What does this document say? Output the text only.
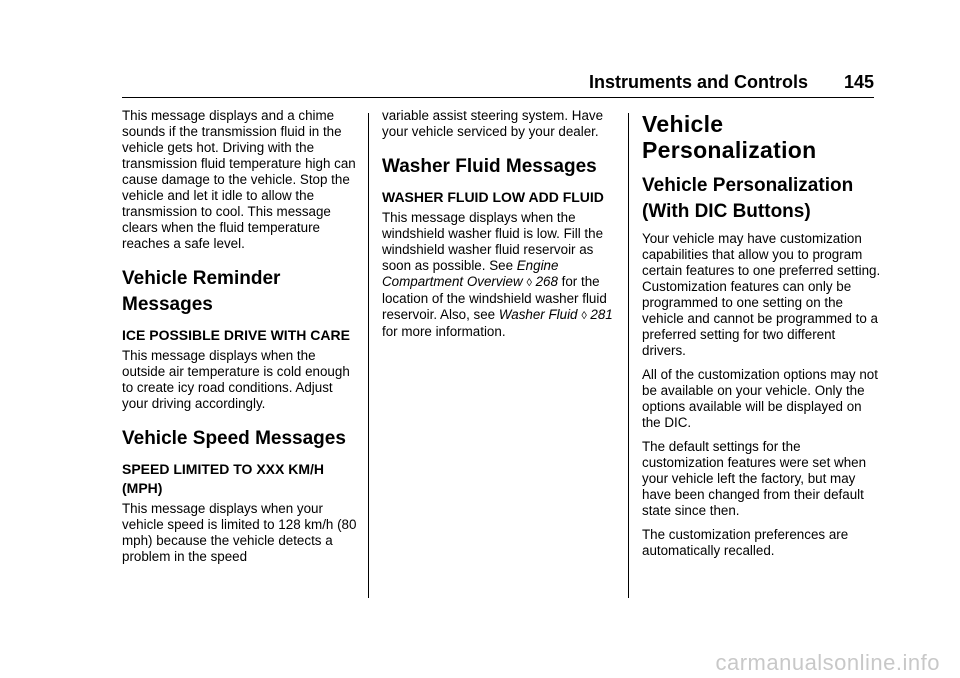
Instruments and Controls 145

This message displays and a chime sounds if the transmission fluid in the vehicle gets hot. Driving with the transmission fluid temperature high can cause damage to the vehicle. Stop the vehicle and let it idle to allow the transmission to cool. This message clears when the fluid temperature reaches a safe level.

Vehicle Reminder Messages
ICE POSSIBLE DRIVE WITH CARE

This message displays when the outside air temperature is cold enough to create icy road conditions. Adjust your driving accordingly.

Vehicle Speed Messages
SPEED LIMITED TO XXX KM/H (MPH)

This message displays when your vehicle speed is limited to 128 km/h (80 mph) because the vehicle detects a problem in the speed

variable assist steering system. Have your vehicle serviced by your dealer.

Washer Fluid Messages
WASHER FLUID LOW ADD FLUID

This message displays when the windshield washer fluid is low. Fill the windshield washer fluid reservoir as soon as possible. See Engine Compartment Overview ◊ 268 for the location of the windshield washer fluid reservoir. Also, see Washer Fluid ◊ 281 for more information.

Vehicle Personalization
Vehicle Personalization (With DIC Buttons)

Your vehicle may have customization capabilities that allow you to program certain features to one preferred setting. Customization features can only be programmed to one setting on the vehicle and cannot be programmed to a preferred setting for two different drivers.

All of the customization options may not be available on your vehicle. Only the options available will be displayed on the DIC.

The default settings for the customization features were set when your vehicle left the factory, but may have been changed from their default state since then.

The customization preferences are automatically recalled.

carmanualsonline.info
